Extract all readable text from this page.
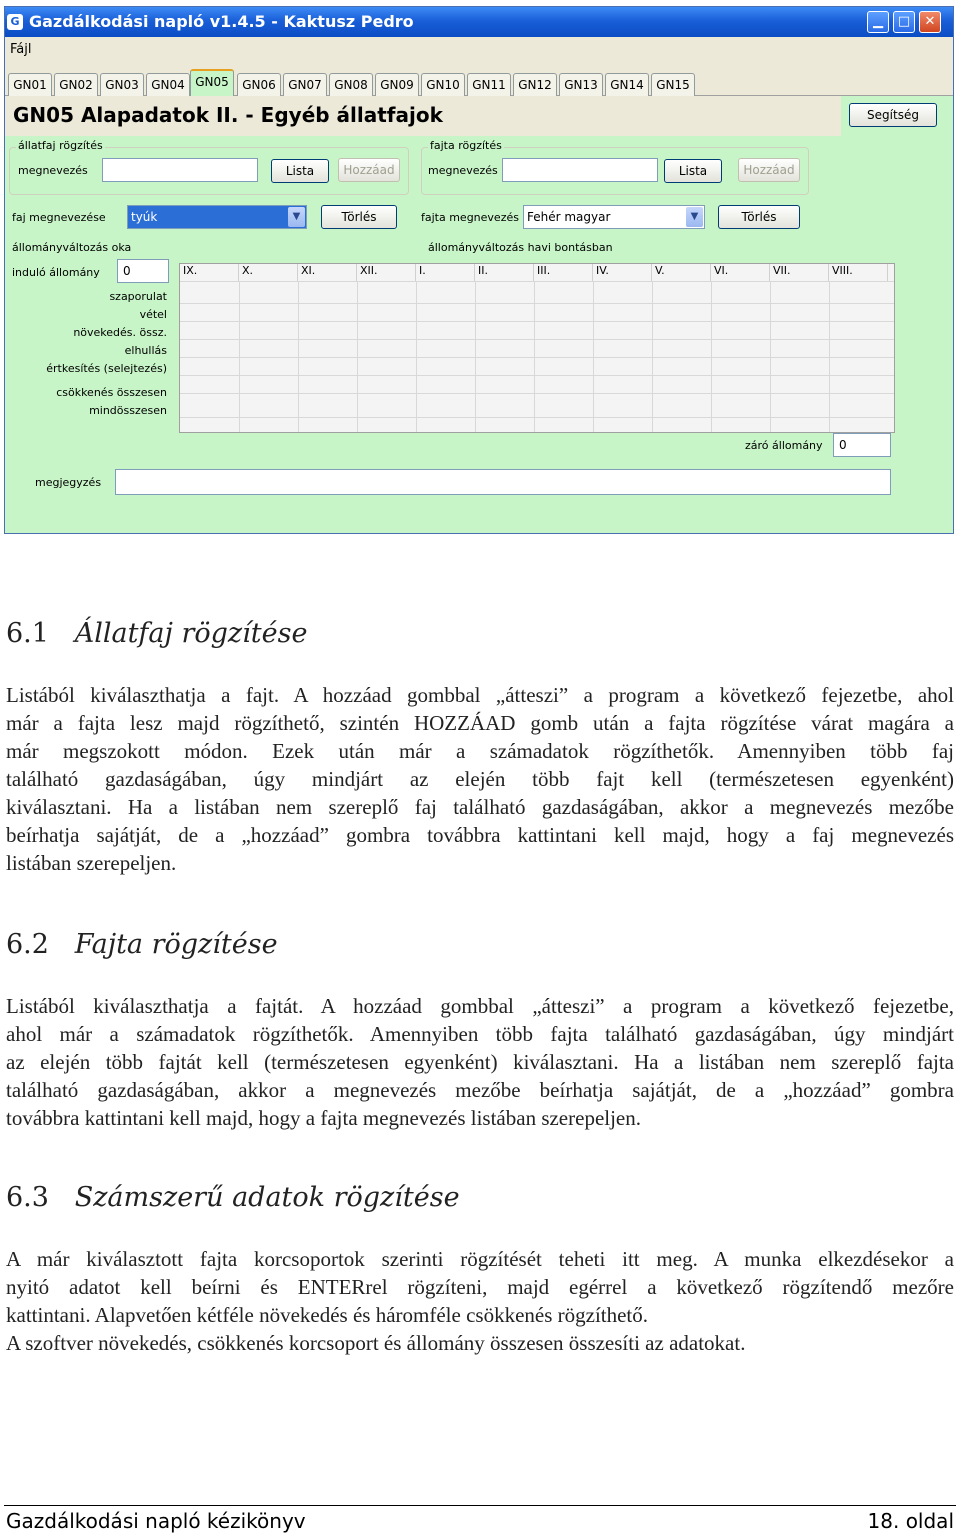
G Gazdálkodási napló v1.4.5 - Kaktusz Pedro	▁	□	✕
Fájl
GN01	GN02	GN03	GN04 GN05	GN06	GN07	GN08	GN09	GN10	GN11	GN12	GN13	GN14	GN15
GN05 Alapadatok II. - Egyéb állatfajok	Segítség
állatfaj rögzítés
megnevezés	Lista	Hozzáad
fajta rögzítés
megnevezés	Lista	Hozzáad
faj megnevezése	tyúk	▼	Törlés	fajta megnevezés Fehér magyar	▼	Törlés
állományváltozás oka	állományváltozás havi bontásban
induló állomány	0
szaporulat
vétel
növekedés. össz.
elhullás
értkesítés (selejtezés)
csökkenés összesen
mindösszesen
IX.	X.	XI.	XII.	I.	II.	III.	IV.	V.	VI.	VII.	VIII.
záró állomány	0
megjegyzés
6.1 Állatfaj rögzítése
Listából kiválaszthatja a fajt. A hozzáad gombbal „átteszi” a program a következő fejezetbe, ahol
már a fajta lesz majd rögzíthető, szintén HOZZÁAD gomb után a fajta rögzítése várat magára a
már megszokott módon. Ezek után már a számadatok rögzíthetők. Amennyiben több faj
található gazdaságában, úgy mindjárt az elején több fajt kell (természetesen egyenként)
kiválasztani. Ha a listában nem szereplő faj található gazdaságában, akkor a megnevezés mezőbe
beírhatja sajátját, de a „hozzáad” gombra továbbra kattintani kell majd, hogy a faj megnevezés
listában szerepeljen.
6.2 Fajta rögzítése
Listából kiválaszthatja a fajtát. A hozzáad gombbal „átteszi” a program a következő fejezetbe,
ahol már a számadatok rögzíthetők. Amennyiben több fajta található gazdaságában, úgy mindjárt
az elején több fajtát kell (természetesen egyenként) kiválasztani. Ha a listában nem szereplő fajta
található gazdaságában, akkor a megnevezés mezőbe beírhatja sajátját, de a „hozzáad” gombra
továbbra kattintani kell majd, hogy a fajta megnevezés listában szerepeljen.
6.3 Számszerű adatok rögzítése
A már kiválasztott fajta korcsoportok szerinti rögzítését teheti itt meg. A munka elkezdésekor a
nyitó adatot kell beírni és ENTERrel rögzíteni, majd egérrel a következő rögzítendő mezőre
kattintani. Alapvetően kétféle növekedés és háromféle csökkenés rögzíthető.
A szoftver növekedés, csökkenés korcsoport és állomány összesen összesíti az adatokat.
Gazdálkodási napló kézikönyv	18. oldal
